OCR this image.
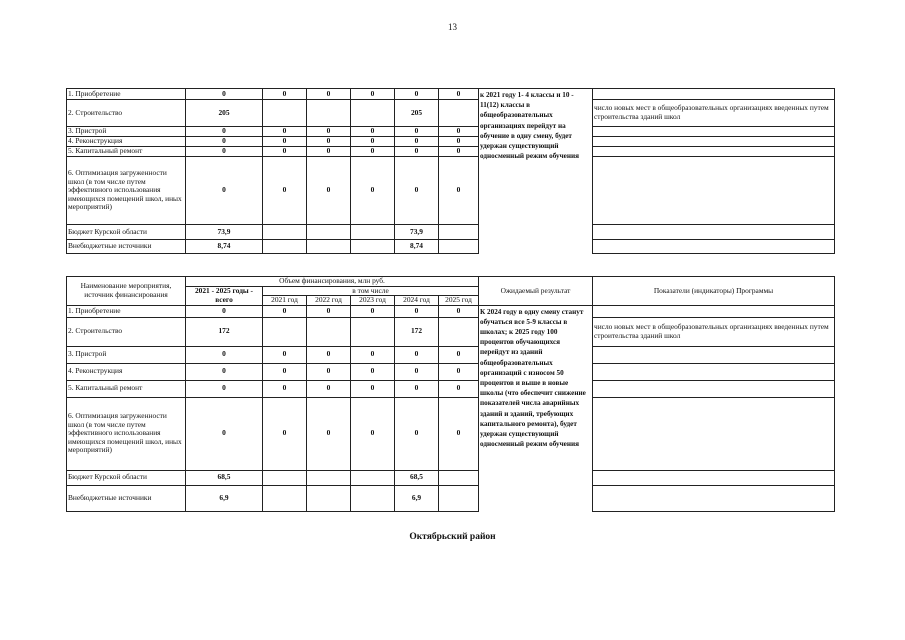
13
1. Приобретение	0	0	0	0	0	0	к 2021 году 1- 4 классы и 10 - 11(12) классы в общеобразовательных организациях перейдут на обучение в одну смену, будет удержан существующий односменный режим обучения	
2. Строительство	205				205			число новых мест в общеобразовательных организациях введенных путем строительства зданий школ
3. Пристрой	0	0	0	0	0	0		
4. Реконструкция	0	0	0	0	0	0		
5. Капитальный ремонт	0	0	0	0	0	0		
6. Оптимизация загруженности школ (в том числе путем эффективного использования имеющихся помещений школ, иных мероприятий)	0	0	0	0	0	0		
Бюджет Курской области	73,9				73,9			
Внебюджетные источники	8,74				8,74			
Наименование мероприятия, источник финансирования	Объем финансирования, млн руб.						Ожидаемый результат	Показатели (индикаторы) Программы
	2021 - 2025 годы - всего	в том числе						
		2021 год	2022 год	2023 год	2024 год	2025 год		
1. Приобретение	0	0	0	0	0	0	К 2024 году в одну смену станут обучаться все 5-9 классы в школах; к 2025 году 100 процентов обучающихся перейдут из зданий общеобразовательных организаций с износом 50 процентов и выше в новые школы (что обеспечит снижение показателей числа аварийных зданий и зданий, требующих капитального ремонта), будет удержан существующий односменный режим обучения	
2. Строительство	172				172			число новых мест в общеобразовательных организациях введенных путем строительства зданий школ
3. Пристрой	0	0	0	0	0	0		
4. Реконструкция	0	0	0	0	0	0		
5. Капитальный ремонт	0	0	0	0	0	0		
6. Оптимизация загруженности школ (в том числе путем эффективного использования имеющихся помещений школ, иных мероприятий)	0	0	0	0	0	0		
Бюджет Курской области	68,5				68,5			
Внебюджетные источники	6,9				6,9			
Октябрьский район
